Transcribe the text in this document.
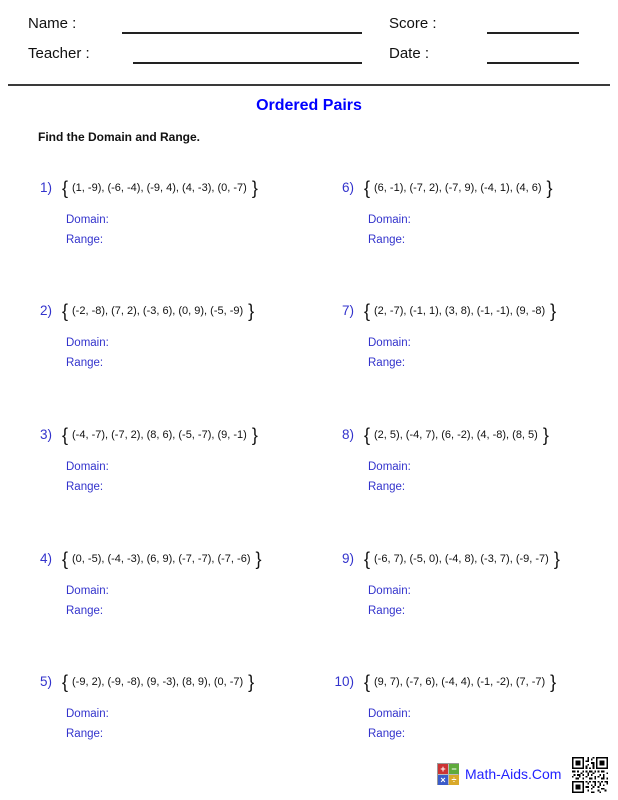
Name :	Score :
Teacher :	Date :
Ordered Pairs
Find the Domain and Range.
1) { (1, -9), (-6, -4), (-9, 4), (4, -3), (0, -7) }
Domain:
Range:
6) { (6, -1), (-7, 2), (-7, 9), (-4, 1), (4, 6) }
Domain:
Range:
2) { (-2, -8), (7, 2), (-3, 6), (0, 9), (-5, -9) }
Domain:
Range:
7) { (2, -7), (-1, 1), (3, 8), (-1, -1), (9, -8) }
Domain:
Range:
3) { (-4, -7), (-7, 2), (8, 6), (-5, -7), (9, -1) }
Domain:
Range:
8) { (2, 5), (-4, 7), (6, -2), (4, -8), (8, 5) }
Domain:
Range:
4) { (0, -5), (-4, -3), (6, 9), (-7, -7), (-7, -6) }
Domain:
Range:
9) { (-6, 7), (-5, 0), (-4, 8), (-3, 7), (-9, -7) }
Domain:
Range:
5) { (-9, 2), (-9, -8), (9, -3), (8, 9), (0, -7) }
Domain:
Range:
10) { (9, 7), (-7, 6), (-4, 4), (-1, -2), (7, -7) }
Domain:
Range:
+ −
× ÷ Math-Aids.Com
